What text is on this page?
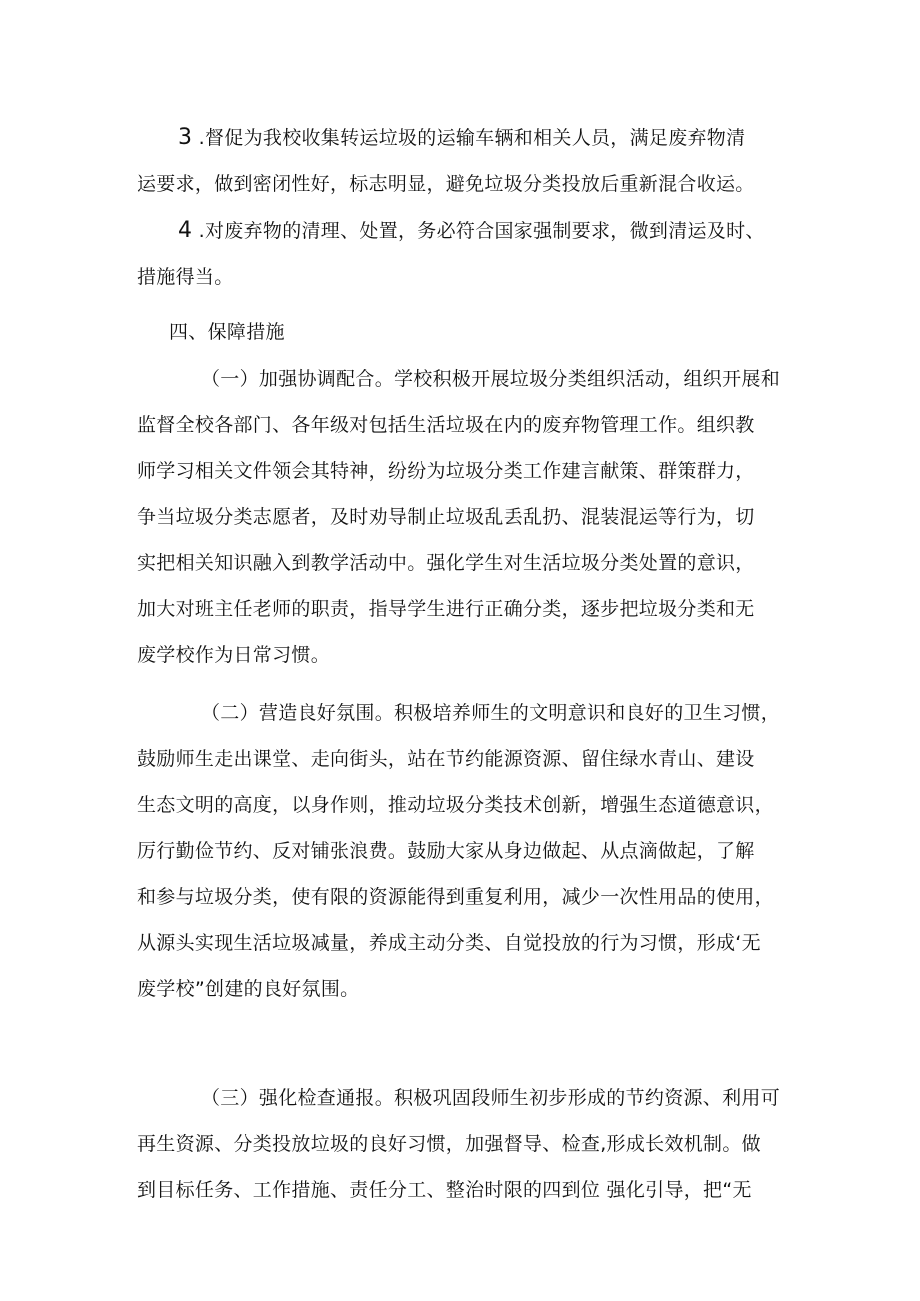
3 .督促为我校收集转运垃圾的运输车辆和相关人员，满足废弃物清
运要求，做到密闭性好，标志明显，避免垃圾分类投放后重新混合收运。
4 .对废弃物的清理、处置，务必符合国家强制要求，微到清运及时、
措施得当。
四、保障措施
（一）加强协调配合。学校积极开展垃圾分类组织活动，组织开展和
监督全校各部门、各年级对包括生活垃圾在内的废弃物管理工作。组织教
师学习相关文件领会其特神，纷纷为垃圾分类工作建言献策、群策群力，
争当垃圾分类志愿者，及时劝导制止垃圾乱丢乱扔、混装混运等行为，切
实把相关知识融入到教学活动中。强化学生对生活垃圾分类处置的意识，
加大对班主任老师的职责，指导学生进行正确分类，逐步把垃圾分类和无
废学校作为日常习惯。
（二）营造良好氛围。积极培养师生的文明意识和良好的卫生习惯，
鼓励师生走出课堂、走向街头，站在节约能源资源、留住绿水青山、建设
生态文明的高度，以身作则，推动垃圾分类技术创新，增强生态道德意识，
厉行勤俭节约、反对铺张浪费。鼓励大家从身边做起、从点滴做起，了解
和参与垃圾分类，使有限的资源能得到重复利用，减少一次性用品的使用，
从源头实现生活垃圾减量，养成主动分类、自觉投放的行为习惯，形成‘无
废学校”创建的良好氛围。
（三）强化检查通报。积极巩固段师生初步形成的节约资源、利用可
再生资源、分类投放垃圾的良好习惯，加强督导、检查,形成长效机制。做
到目标任务、工作措施、责任分工、整治时限的四到位 强化引导，把“无
